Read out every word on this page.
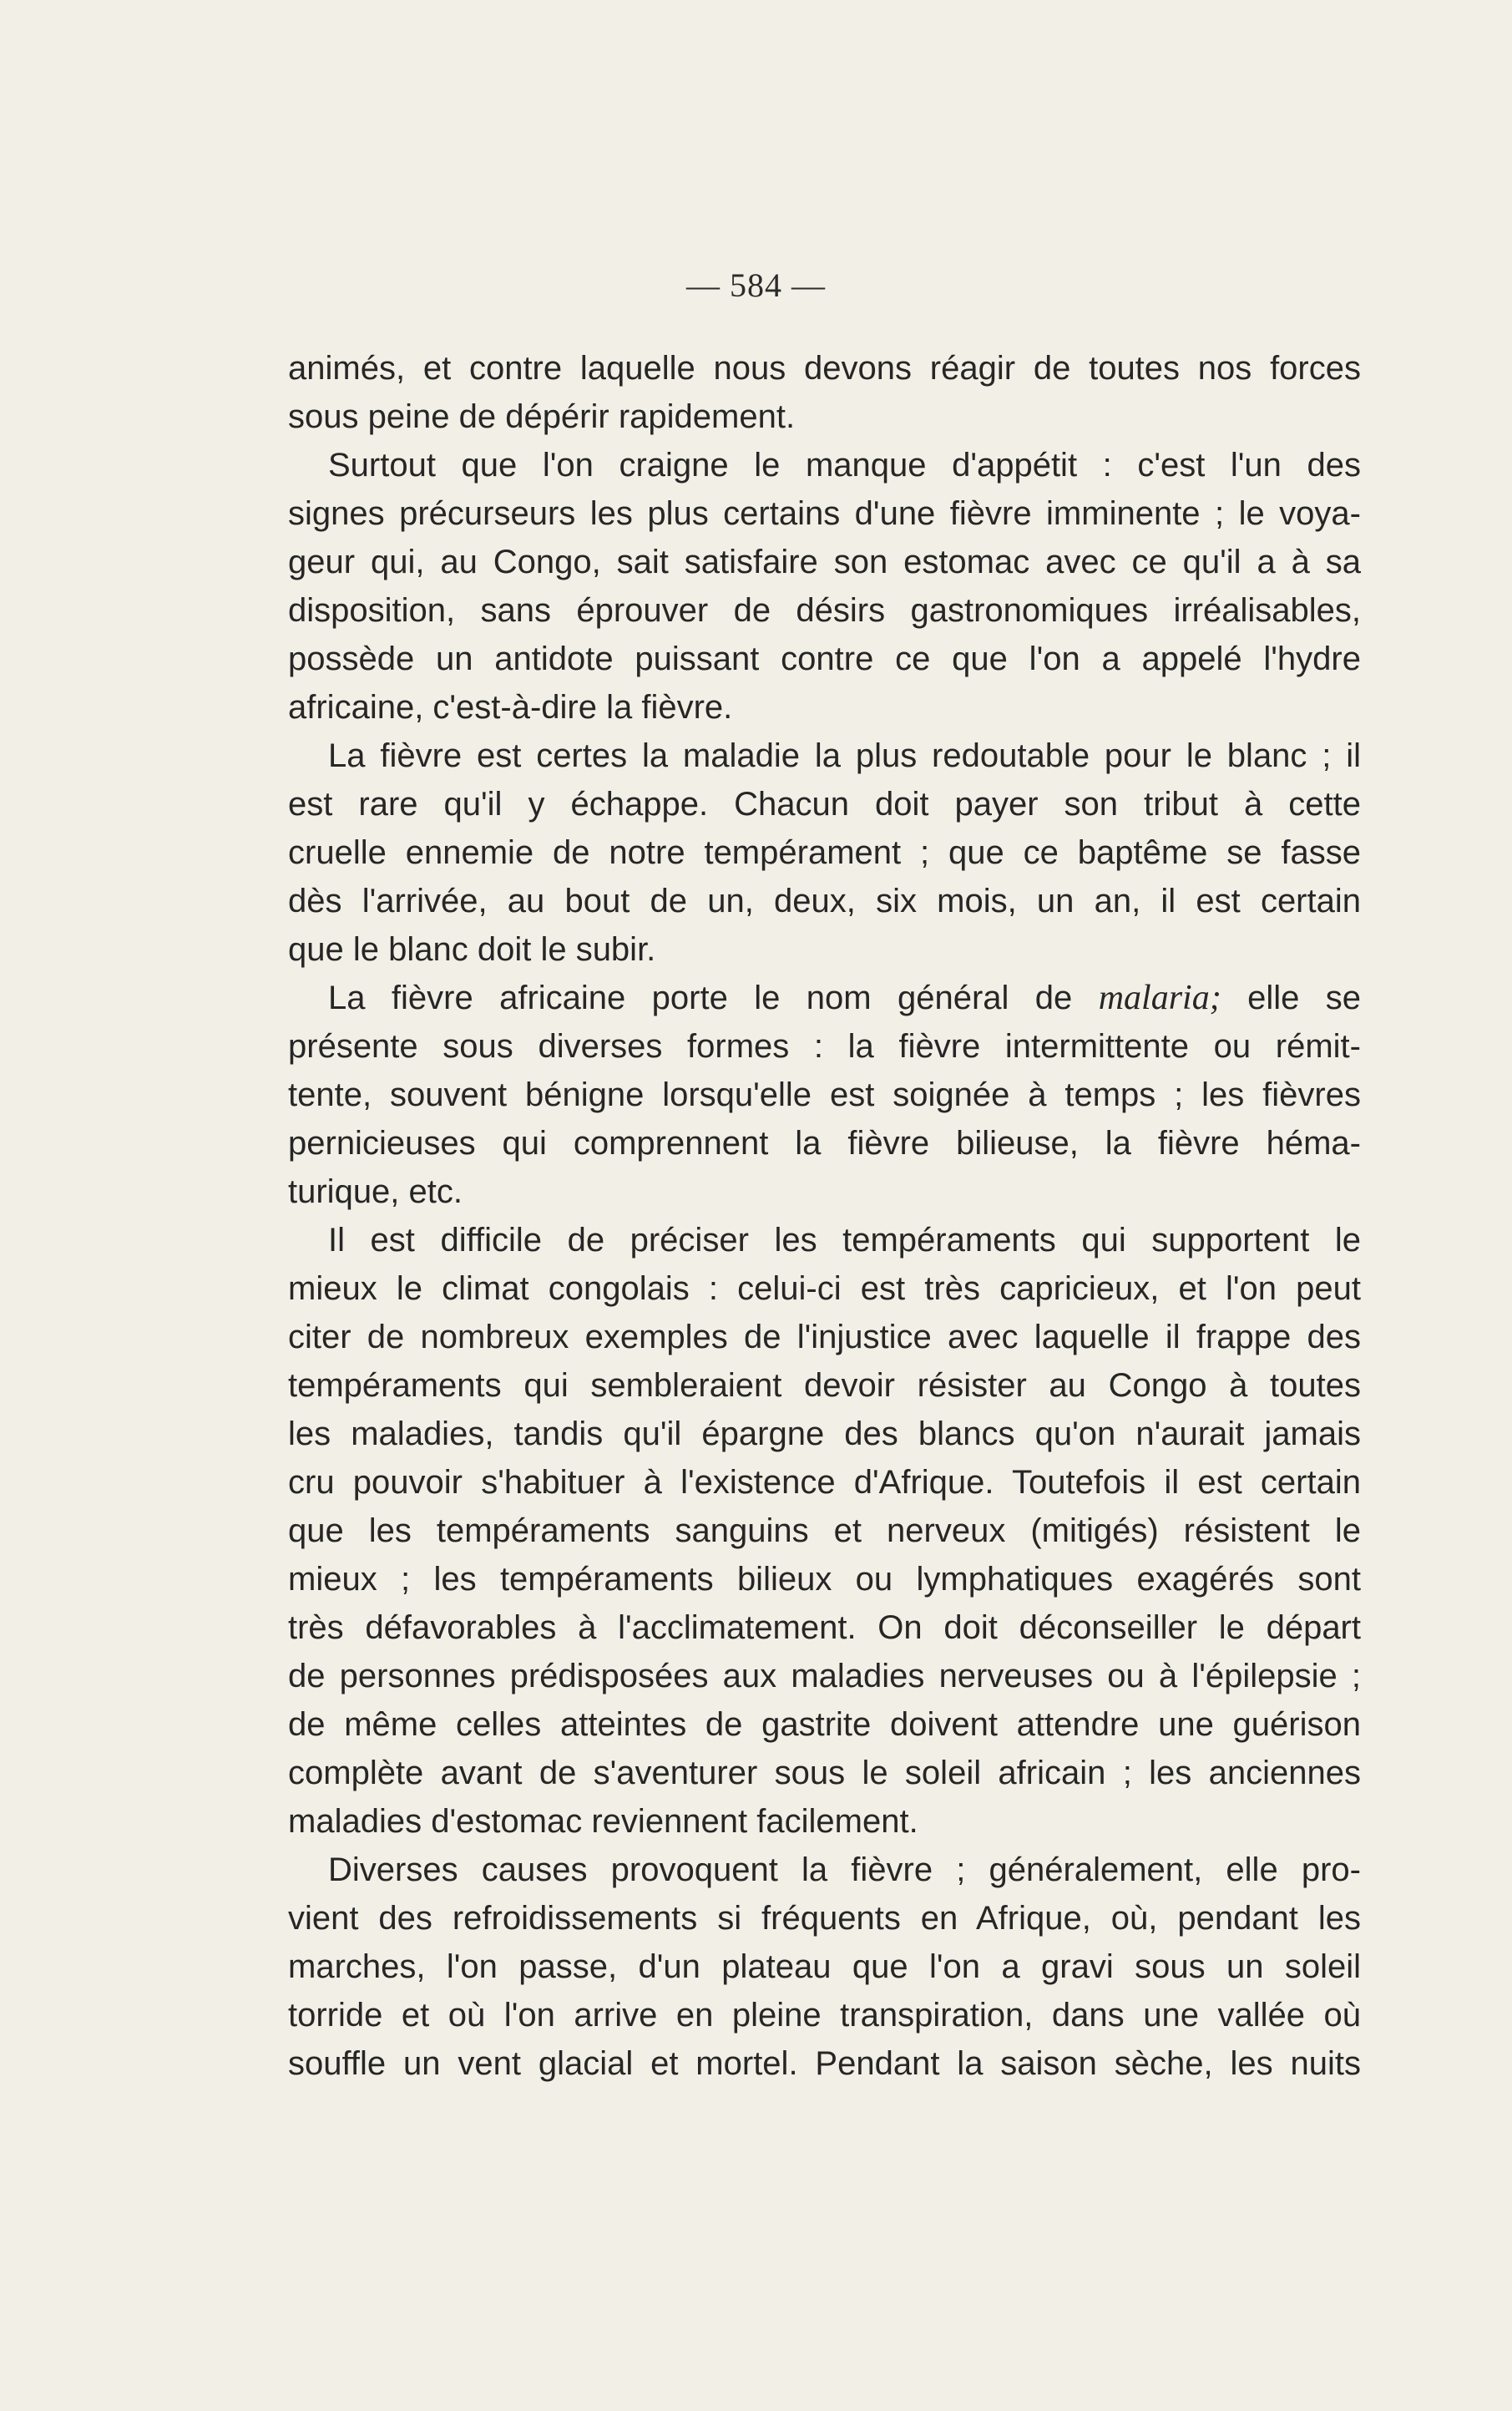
— 584 —
animés, et contre laquelle nous devons réagir de toutes nos forces
sous peine de dépérir rapidement.
Surtout que l'on craigne le manque d'appétit : c'est l'un des
signes précurseurs les plus certains d'une fièvre imminente ; le voya-
geur qui, au Congo, sait satisfaire son estomac avec ce qu'il a à sa
disposition, sans éprouver de désirs gastronomiques irréalisables,
possède un antidote puissant contre ce que l'on a appelé l'hydre
africaine, c'est-à-dire la fièvre.
La fièvre est certes la maladie la plus redoutable pour le blanc ; il
est rare qu'il y échappe. Chacun doit payer son tribut à cette
cruelle ennemie de notre tempérament ; que ce baptême se fasse
dès l'arrivée, au bout de un, deux, six mois, un an, il est certain
que le blanc doit le subir.
La fièvre africaine porte le nom général de malaria; elle se
présente sous diverses formes : la fièvre intermittente ou rémit-
tente, souvent bénigne lorsqu'elle est soignée à temps ; les fièvres
pernicieuses qui comprennent la fièvre bilieuse, la fièvre héma-
turique, etc.
Il est difficile de préciser les tempéraments qui supportent le
mieux le climat congolais : celui-ci est très capricieux, et l'on peut
citer de nombreux exemples de l'injustice avec laquelle il frappe des
tempéraments qui sembleraient devoir résister au Congo à toutes
les maladies, tandis qu'il épargne des blancs qu'on n'aurait jamais
cru pouvoir s'habituer à l'existence d'Afrique. Toutefois il est certain
que les tempéraments sanguins et nerveux (mitigés) résistent le
mieux ; les tempéraments bilieux ou lymphatiques exagérés sont
très défavorables à l'acclimatement. On doit déconseiller le départ
de personnes prédisposées aux maladies nerveuses ou à l'épilepsie ;
de même celles atteintes de gastrite doivent attendre une guérison
complète avant de s'aventurer sous le soleil africain ; les anciennes
maladies d'estomac reviennent facilement.
Diverses causes provoquent la fièvre ; généralement, elle pro-
vient des refroidissements si fréquents en Afrique, où, pendant les
marches, l'on passe, d'un plateau que l'on a gravi sous un soleil
torride et où l'on arrive en pleine transpiration, dans une vallée où
souffle un vent glacial et mortel. Pendant la saison sèche, les nuits
